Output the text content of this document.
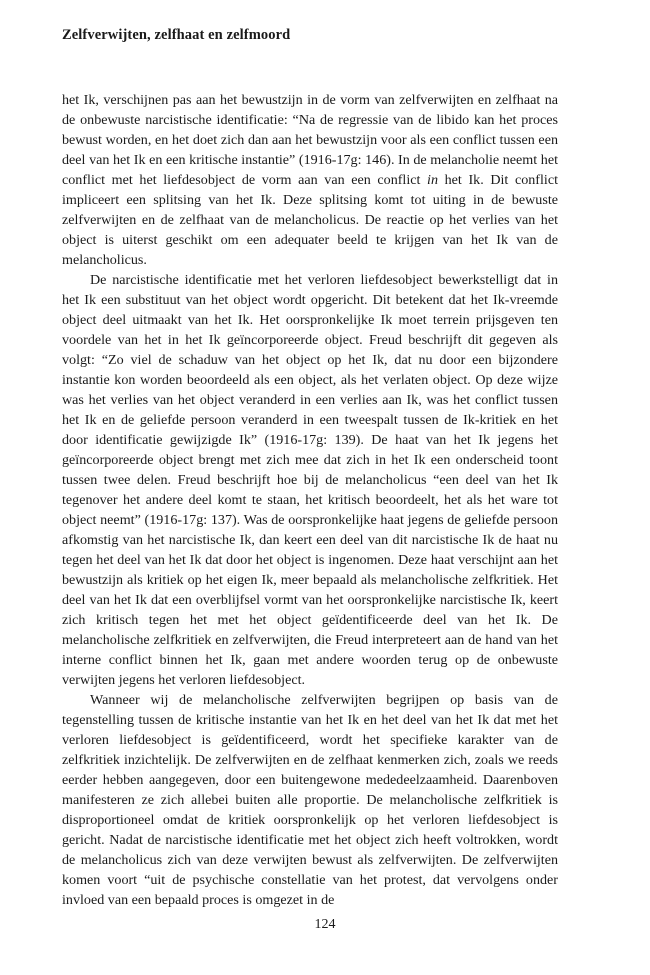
Zelfverwijten, zelfhaat en zelfmoord

het Ik, verschijnen pas aan het bewustzijn in de vorm van zelfverwijten en zelfhaat na de onbewuste narcistische identificatie: “Na de regressie van de libido kan het proces bewust worden, en het doet zich dan aan het bewustzijn voor als een conflict tussen een deel van het Ik en een kritische instantie” (1916-17g: 146). In de melancholie neemt het conflict met het liefdesobject de vorm aan van een conflict in het Ik. Dit conflict impliceert een splitsing van het Ik. Deze splitsing komt tot uiting in de bewuste zelfverwijten en de zelfhaat van de melancholicus. De reactie op het verlies van het object is uiterst geschikt om een adequater beeld te krijgen van het Ik van de melancholicus.

De narcistische identificatie met het verloren liefdesobject bewerkstelligt dat in het Ik een substituut van het object wordt opgericht. Dit betekent dat het Ik-vreemde object deel uitmaakt van het Ik. Het oorspronkelijke Ik moet terrein prijsgeven ten voordele van het in het Ik geïncorporeerde object. Freud beschrijft dit gegeven als volgt: “Zo viel de schaduw van het object op het Ik, dat nu door een bijzondere instantie kon worden beoordeeld als een object, als het verlaten object. Op deze wijze was het verlies van het object veranderd in een verlies aan Ik, was het conflict tussen het Ik en de geliefde persoon veranderd in een tweespalt tussen de Ik-kritiek en het door identificatie gewijzigde Ik” (1916-17g: 139). De haat van het Ik jegens het geïncorporeerde object brengt met zich mee dat zich in het Ik een onderscheid toont tussen twee delen. Freud beschrijft hoe bij de melancholicus “een deel van het Ik tegenover het andere deel komt te staan, het kritisch beoordeelt, het als het ware tot object neemt” (1916-17g: 137). Was de oorspronkelijke haat jegens de geliefde persoon afkomstig van het narcistische Ik, dan keert een deel van dit narcistische Ik de haat nu tegen het deel van het Ik dat door het object is ingenomen. Deze haat verschijnt aan het bewustzijn als kritiek op het eigen Ik, meer bepaald als melancholische zelfkritiek. Het deel van het Ik dat een overblijfsel vormt van het oorspronkelijke narcistische Ik, keert zich kritisch tegen het met het object geïdentificeerde deel van het Ik. De melancholische zelfkritiek en zelfverwijten, die Freud interpreteert aan de hand van het interne conflict binnen het Ik, gaan met andere woorden terug op de onbewuste verwijten jegens het verloren liefdesobject.

Wanneer wij de melancholische zelfverwijten begrijpen op basis van de tegenstelling tussen de kritische instantie van het Ik en het deel van het Ik dat met het verloren liefdesobject is geïdentificeerd, wordt het specifieke karakter van de zelfkritiek inzichtelijk. De zelfverwijten en de zelfhaat kenmerken zich, zoals we reeds eerder hebben aangegeven, door een buitengewone mededeelzaamheid. Daarenboven manifesteren ze zich allebei buiten alle proportie. De melancholische zelfkritiek is disproportioneel omdat de kritiek oorspronkelijk op het verloren liefdesobject is gericht. Nadat de narcistische identificatie met het object zich heeft voltrokken, wordt de melancholicus zich van deze verwijten bewust als zelfverwijten. De zelfverwijten komen voort “uit de psychische constellatie van het protest, dat vervolgens onder invloed van een bepaald proces is omgezet in de

124
